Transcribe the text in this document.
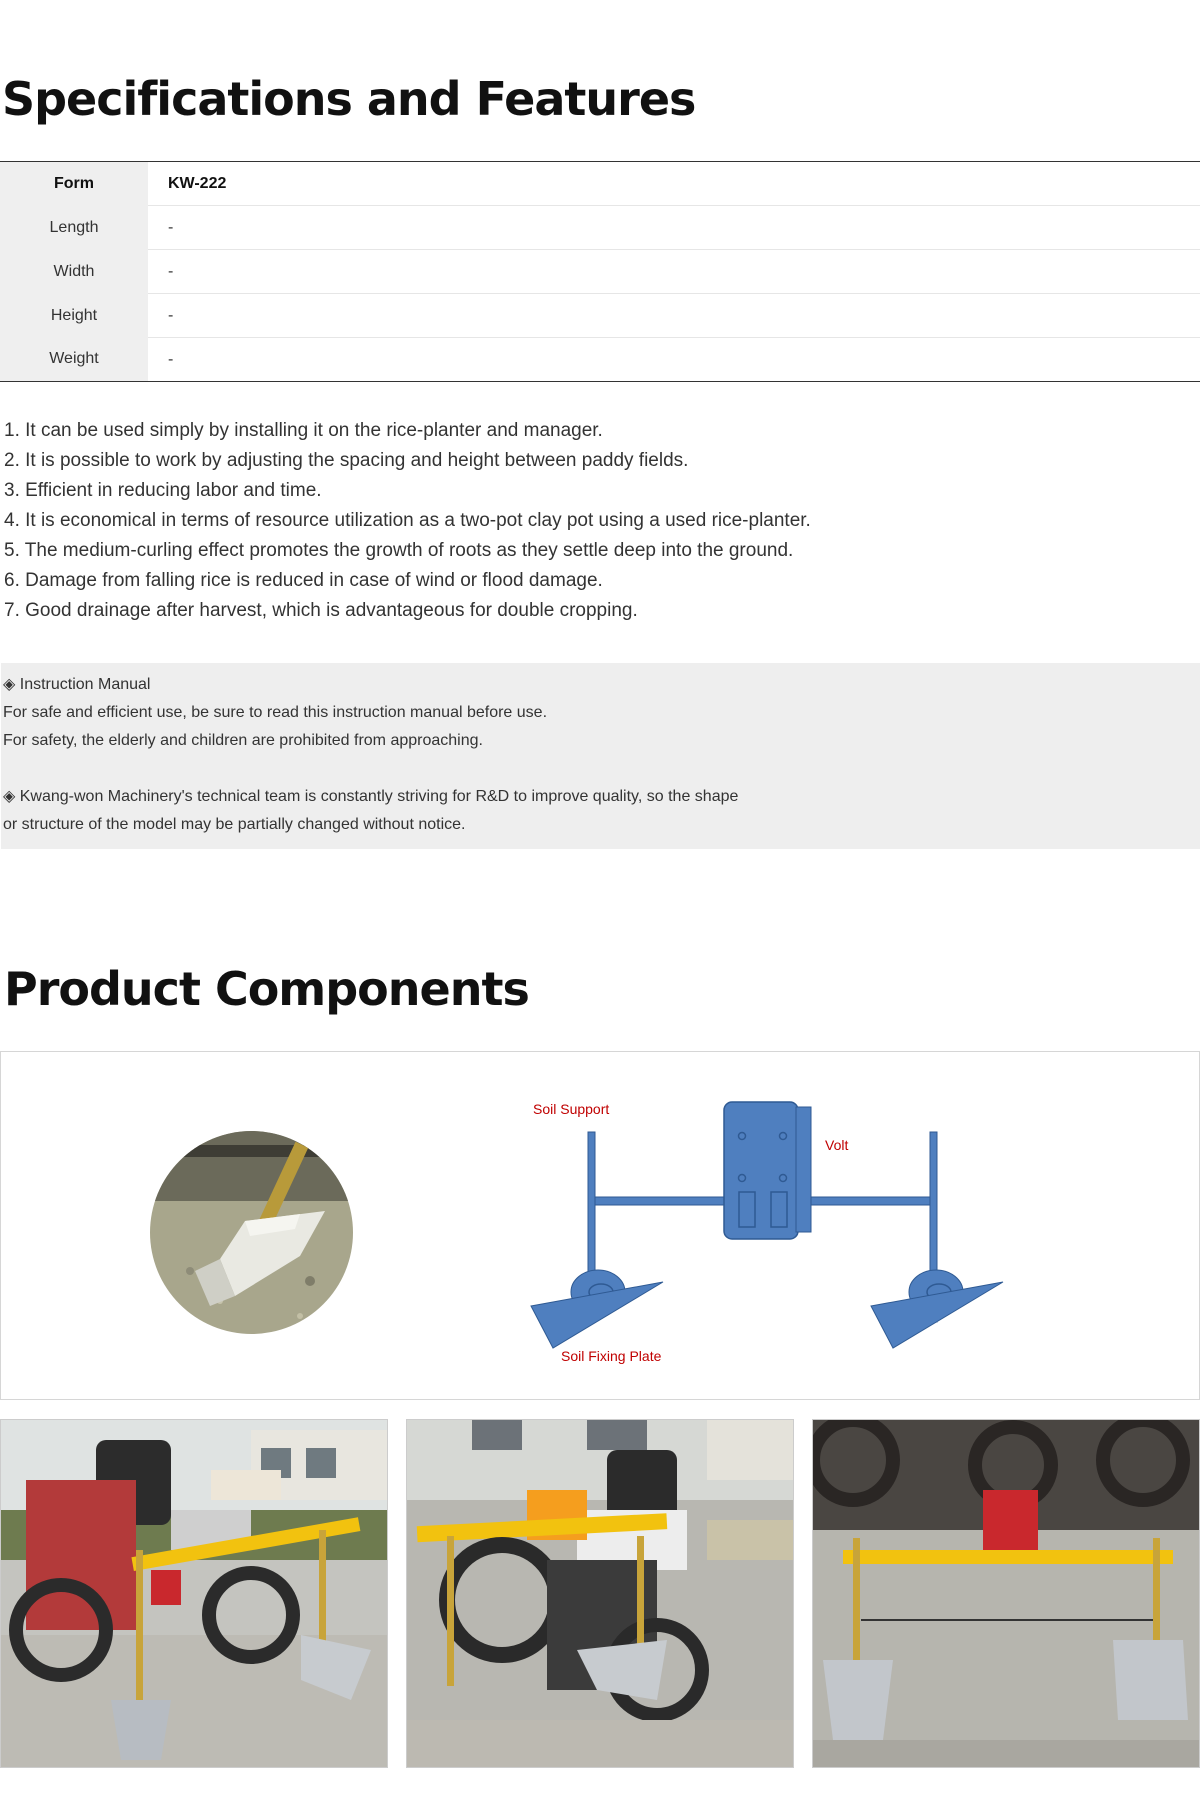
Specifications and Features
Form	KW-222
Length	-
Width	-
Height	-
Weight	-
1. It can be used simply by installing it on the rice-planter and manager.
2. It is possible to work by adjusting the spacing and height between paddy fields.
3. Efficient in reducing labor and time.
4. It is economical in terms of resource utilization as a two-pot clay pot using a used rice-planter.
5. The medium-curling effect promotes the growth of roots as they settle deep into the ground.
6. Damage from falling rice is reduced in case of wind or flood damage.
7. Good drainage after harvest, which is advantageous for double cropping.
◈ Instruction Manual
For safe and efficient use, be sure to read this instruction manual before use.
For safety, the elderly and children are prohibited from approaching.
◈ Kwang-won Machinery's technical team is constantly striving for R&D to improve quality, so the shape
or structure of the model may be partially changed without notice.
Product Components
Soil Support
Volt
Soil Fixing Plate
